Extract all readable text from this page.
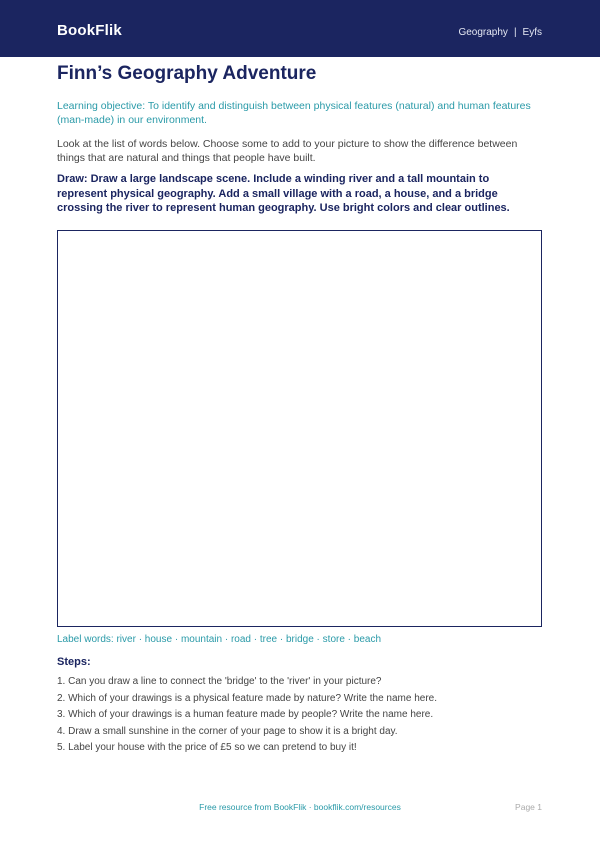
BookFlik	Geography | Eyfs
Finn’s Geography Adventure
Learning objective: To identify and distinguish between physical features (natural) and human features (man-made) in our environment.
Look at the list of words below. Choose some to add to your picture to show the difference between things that are natural and things that people have built.
Draw: Draw a large landscape scene. Include a winding river and a tall mountain to represent physical geography. Add a small village with a road, a house, and a bridge crossing the river to represent human geography. Use bright colors and clear outlines.
Label words: river · house · mountain · road · tree · bridge · store · beach
Steps:
1. Can you draw a line to connect the 'bridge' to the 'river' in your picture?
2. Which of your drawings is a physical feature made by nature? Write the name here.
3. Which of your drawings is a human feature made by people? Write the name here.
4. Draw a small sunshine in the corner of your page to show it is a bright day.
5. Label your house with the price of £5 so we can pretend to buy it!
Free resource from BookFlik · bookflik.com/resources	Page 1
